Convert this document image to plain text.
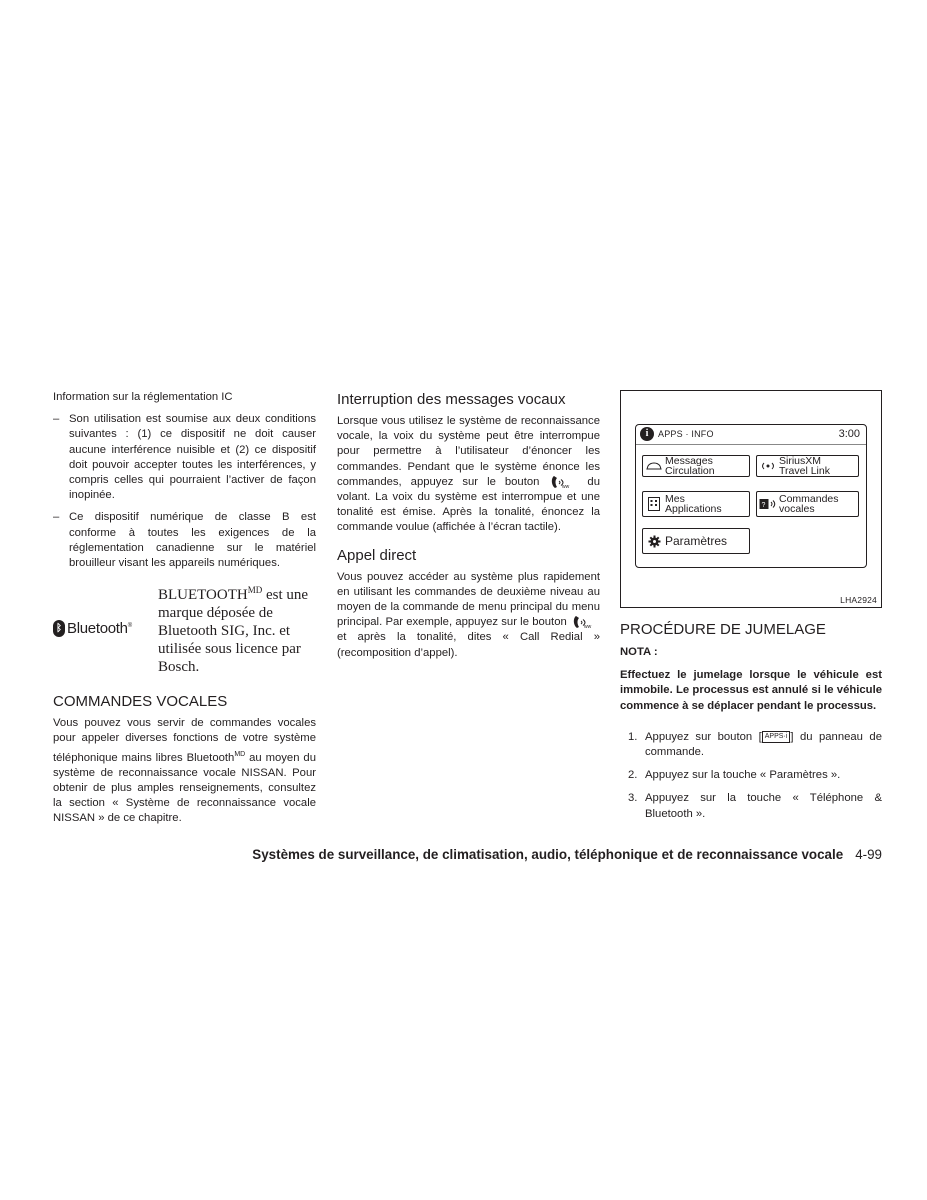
Information sur la réglementation IC

– Son utilisation est soumise aux deux conditions suivantes : (1) ce dispositif ne doit causer aucune interférence nuisible et (2) ce dispositif doit pouvoir accepter toutes les interférences, y compris celles qui pourraient l’activer de façon inopinée.

– Ce dispositif numérique de classe B est conforme à toutes les exigences de la réglementation canadienne sur le matériel brouilleur visant les appareils numériques.

ᛒ Bluetooth®
$BLUETOOTH^{MD}$ est une marque déposée de Bluetooth SIG, Inc. et utilisée sous licence par Bosch.
COMMANDES VOCALES

Vous pouvez vous servir de commandes vocales pour appeler diverses fonctions de votre système téléphonique mains libres Bluetooth$^{MD}$ au moyen du système de reconnaissance vocale NISSAN. Pour obtenir de plus amples renseignements, consultez la section « Système de reconnaissance vocale NISSAN » de ce chapitre.

Interruption des messages vocaux

Lorsque vous utilisez le système de reconnaissance vocale, la voix du système peut être interrompue pour permettre à l’utilisateur d’énoncer les commandes. Pendant que le système énonce les commandes, appuyez sur le bouton	ww du volant. La voix du système est interrompue et une tonalité est émise. Après la tonalité, énoncez la commande voulue (affichée à l’écran tactile).

Appel direct

Vous pouvez accéder au système plus rapidement en utilisant les commandes de deuxième niveau au moyen de la commande de menu principal du menu principal. Par exemple, appuyez sur le bouton	ww
et après la tonalité, dites « Call Redial » (recomposition d’appel).

i	APPS · INFO	3:00
Messages
Circulation
SiriusXM
Travel Link
Mes
Applications	?
Commandes
vocales
Paramètres
LHA2924
PROCÉDURE DE JUMELAGE

NOTA :

Effectuez le jumelage lorsque le véhicule est immobile. Le processus est annulé si le véhicule commence à se déplacer pendant le processus.

1. Appuyez sur bouton [ APPS·i ] du panneau de commande.

2. Appuyez sur la touche « Paramètres ».

3. Appuyez sur la touche « Téléphone & Bluetooth ».

Systèmes de surveillance, de climatisation, audio, téléphonique et de reconnaissance vocale 4-99
